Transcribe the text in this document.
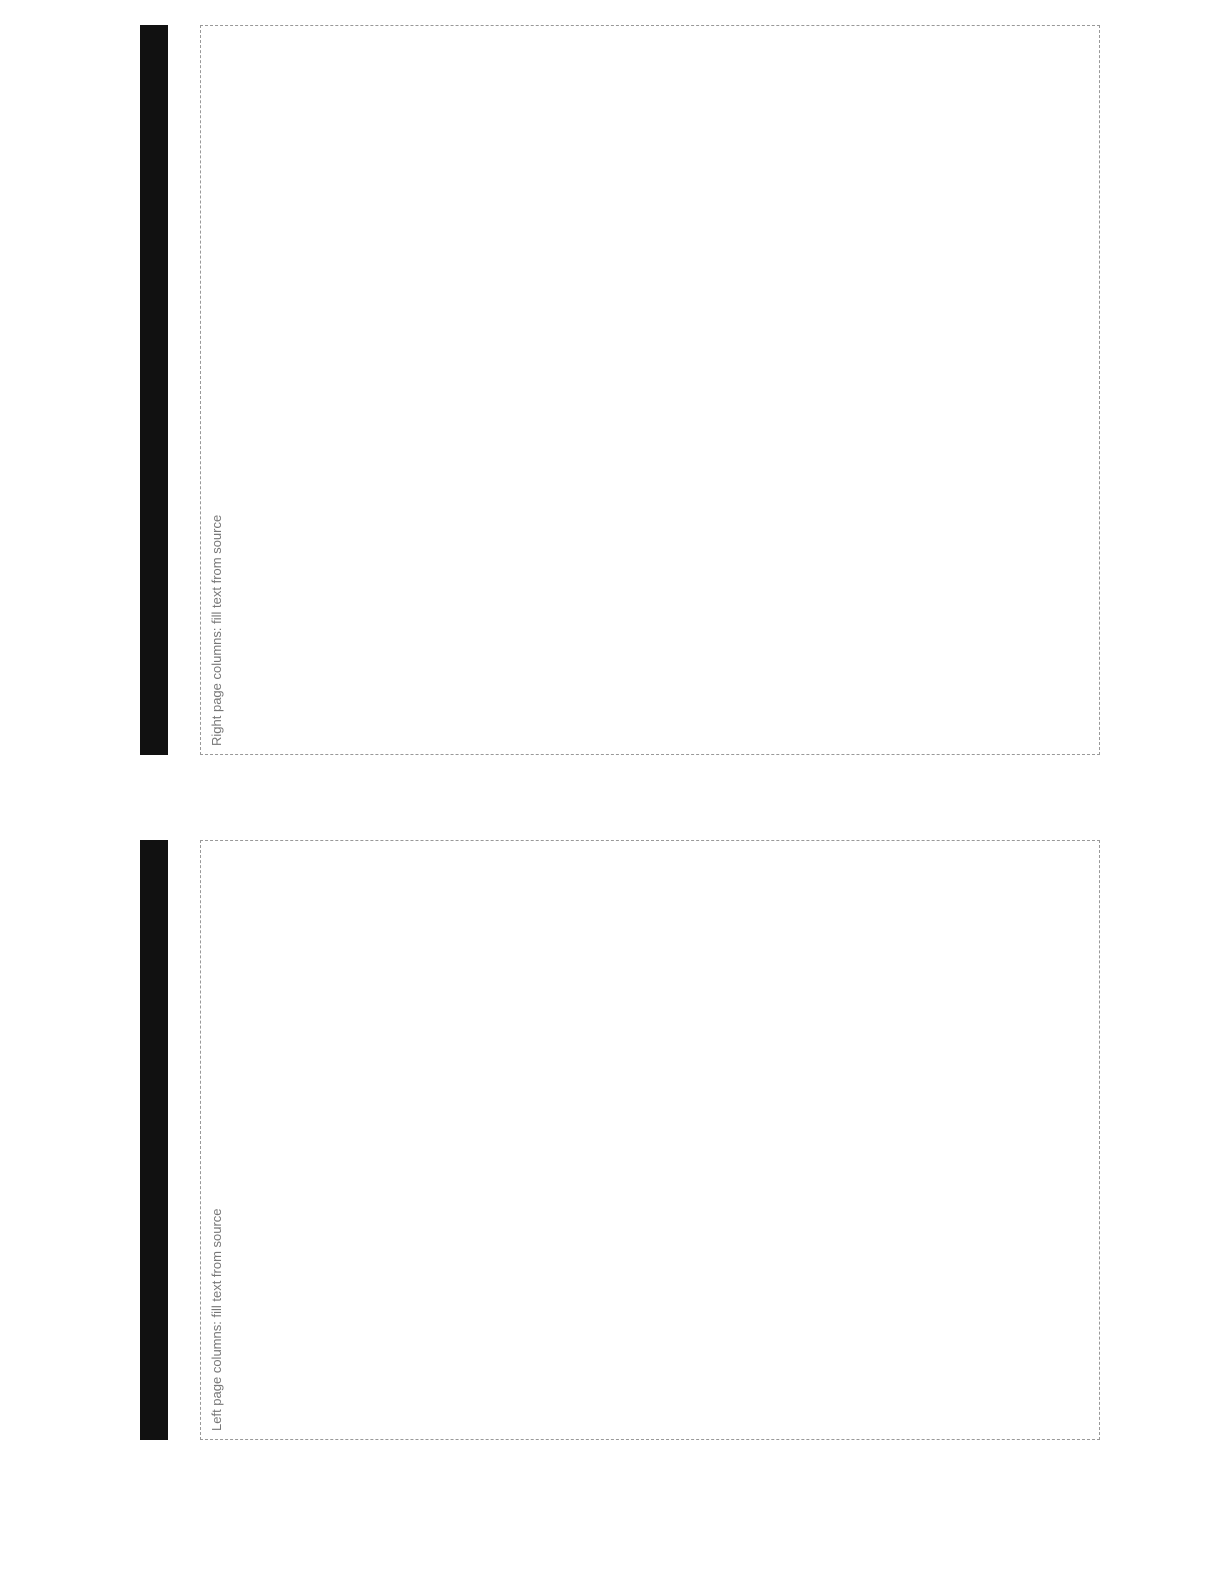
Left page columns: fill text from source
Right page columns: fill text from source
